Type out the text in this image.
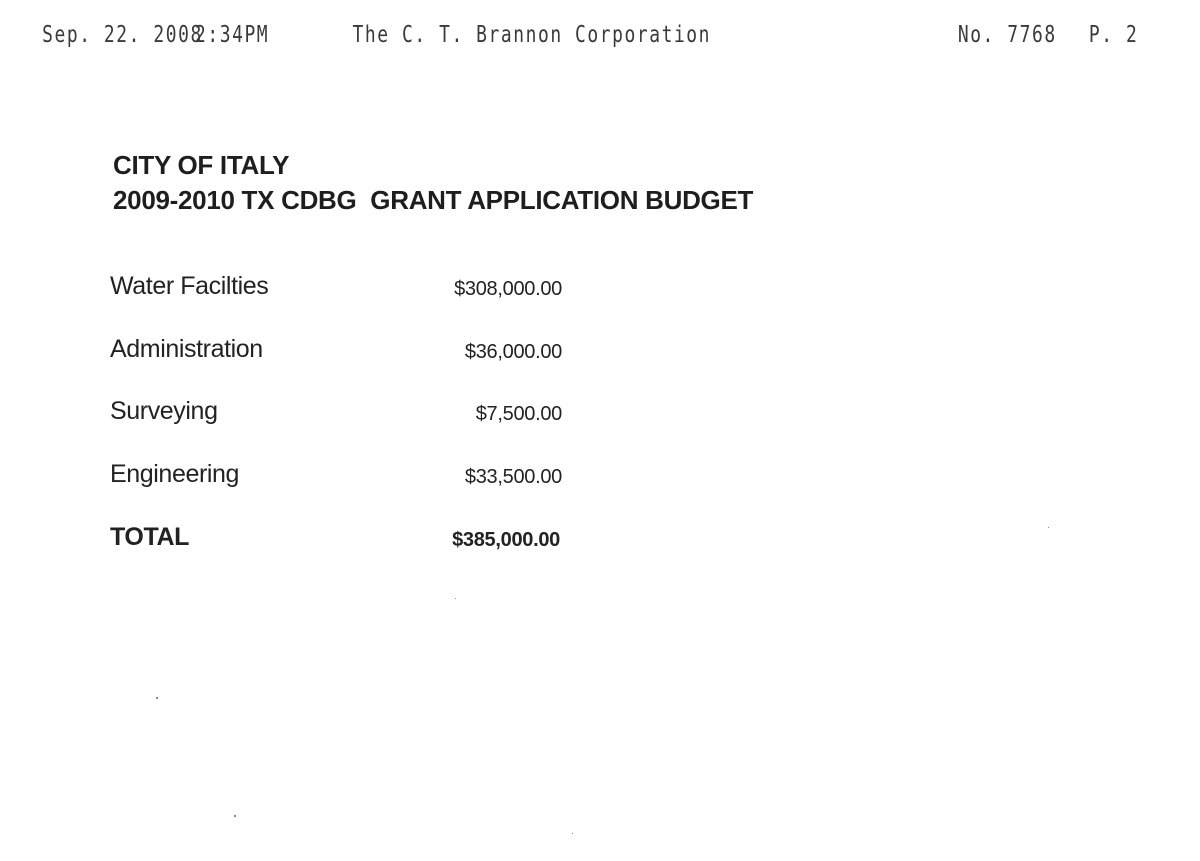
Sep. 22. 2008
2:34PM	The C. T. Brannon Corporation	No. 7768 P. 2
CITY OF ITALY
2009-2010 TX CDBG  GRANT APPLICATION BUDGET
Water Facilties	$308,000.00
Administration	$36,000.00
Surveying	$7,500.00
Engineering	$33,500.00
TOTAL	$385,000.00
